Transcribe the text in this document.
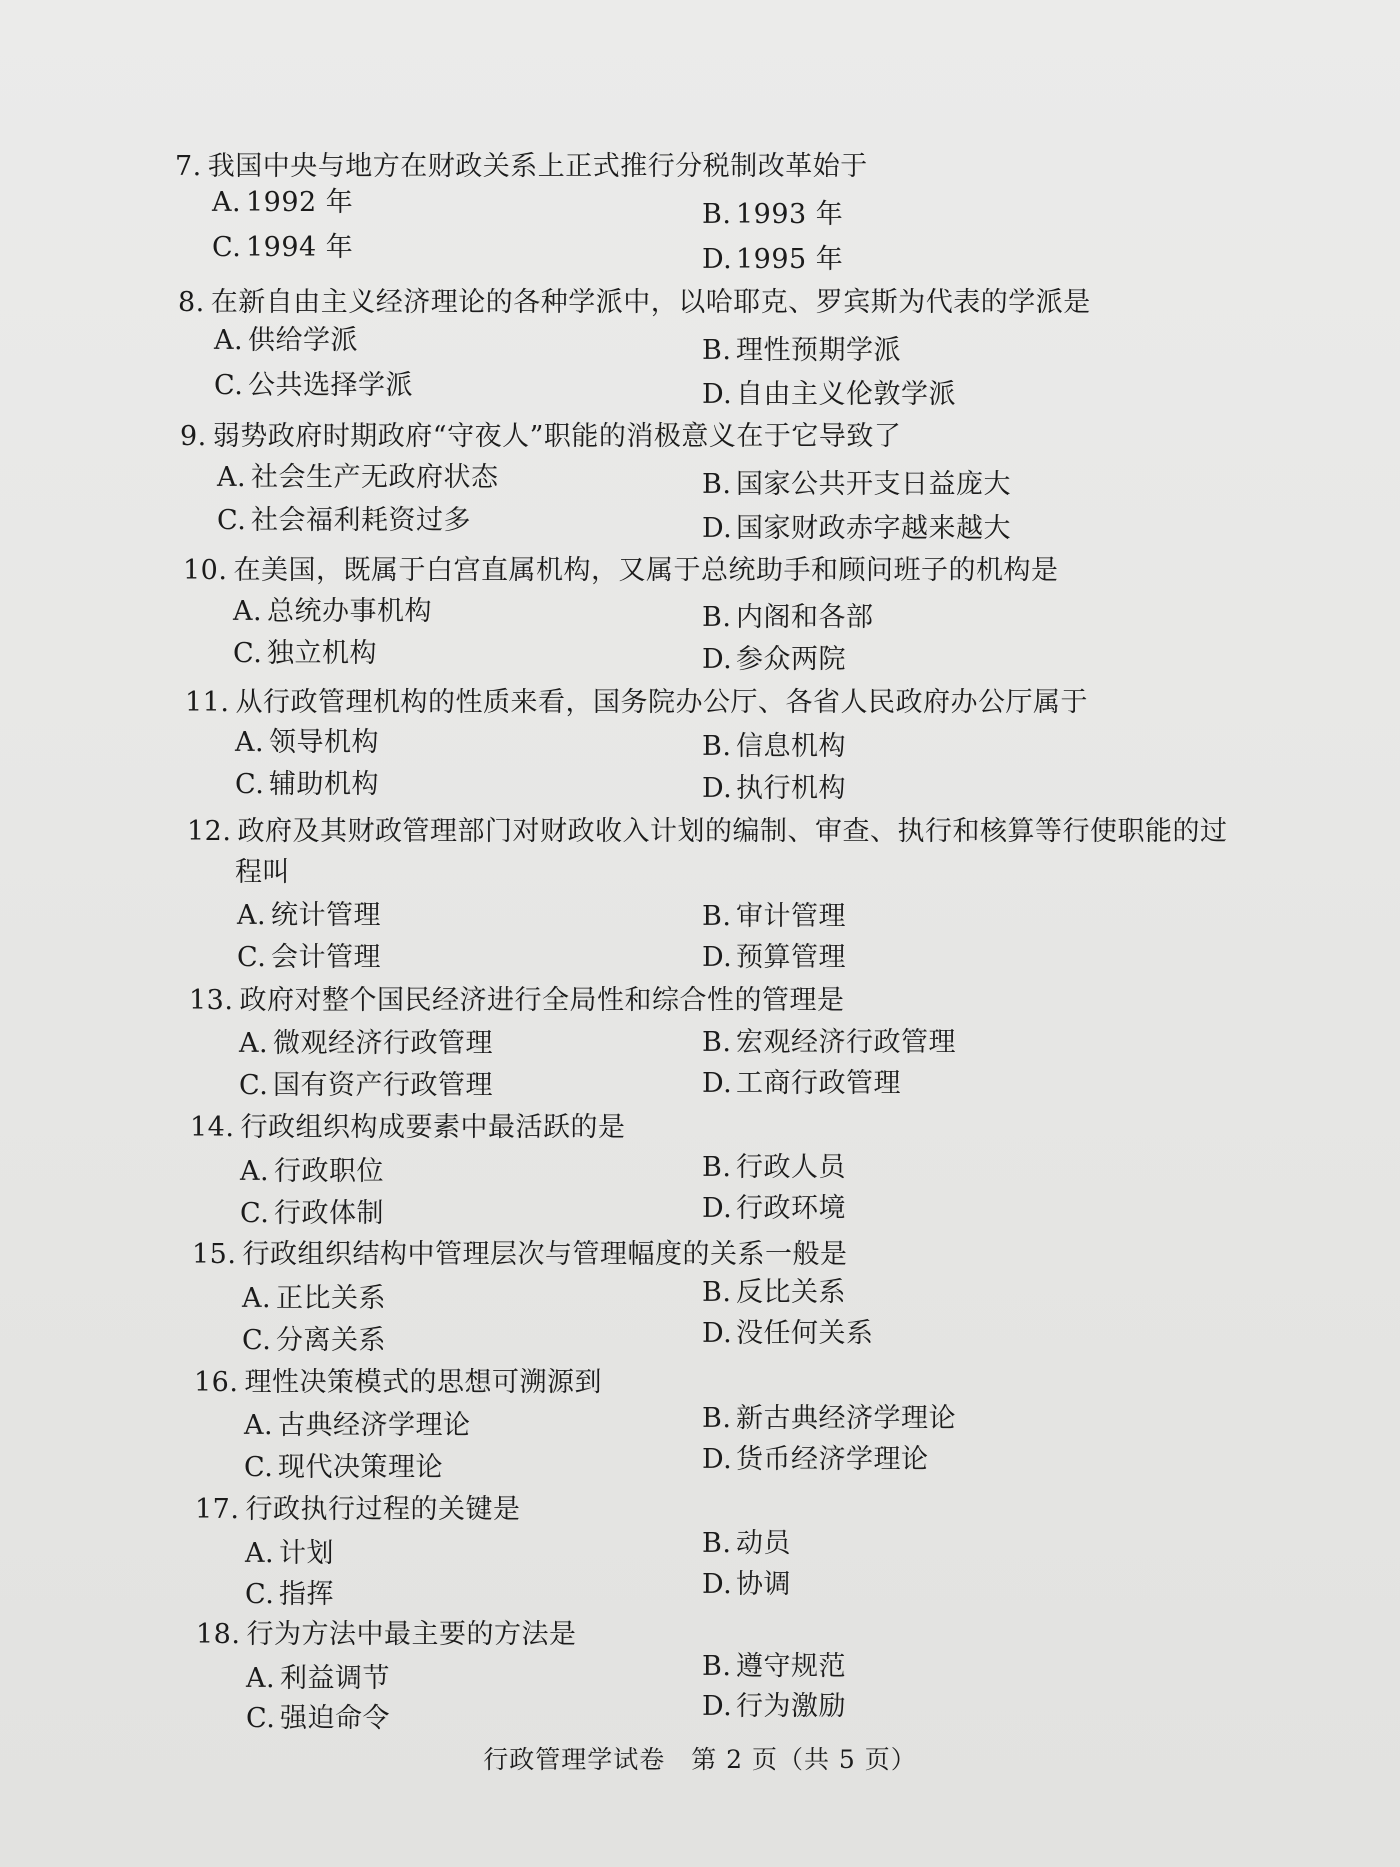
7. 我国中央与地方在财政关系上正式推行分税制改革始于
A. 1992 年	B. 1993 年
C. 1994 年	D. 1995 年
8. 在新自由主义经济理论的各种学派中，以哈耶克、罗宾斯为代表的学派是
A. 供给学派	B. 理性预期学派
C. 公共选择学派	D. 自由主义伦敦学派
9. 弱势政府时期政府“守夜人”职能的消极意义在于它导致了
A. 社会生产无政府状态	B. 国家公共开支日益庞大
C. 社会福利耗资过多	D. 国家财政赤字越来越大
10. 在美国，既属于白宫直属机构，又属于总统助手和顾问班子的机构是
A. 总统办事机构	B. 内阁和各部
C. 独立机构	D. 参众两院
11. 从行政管理机构的性质来看，国务院办公厅、各省人民政府办公厅属于
A. 领导机构	B. 信息机构
C. 辅助机构	D. 执行机构
12. 政府及其财政管理部门对财政收入计划的编制、审查、执行和核算等行使职能的过
程叫
A. 统计管理	B. 审计管理
C. 会计管理	D. 预算管理
13. 政府对整个国民经济进行全局性和综合性的管理是
A. 微观经济行政管理	B. 宏观经济行政管理
C. 国有资产行政管理	D. 工商行政管理
14. 行政组织构成要素中最活跃的是
A. 行政职位	B. 行政人员
C. 行政体制	D. 行政环境
15. 行政组织结构中管理层次与管理幅度的关系一般是
A. 正比关系	B. 反比关系
C. 分离关系	D. 没任何关系
16. 理性决策模式的思想可溯源到
A. 古典经济学理论	B. 新古典经济学理论
C. 现代决策理论	D. 货币经济学理论
17. 行政执行过程的关键是
A. 计划	B. 动员
C. 指挥	D. 协调
18. 行为方法中最主要的方法是
A. 利益调节	B. 遵守规范
C. 强迫命令	D. 行为激励
行政管理学试卷　第 2 页（共 5 页）
